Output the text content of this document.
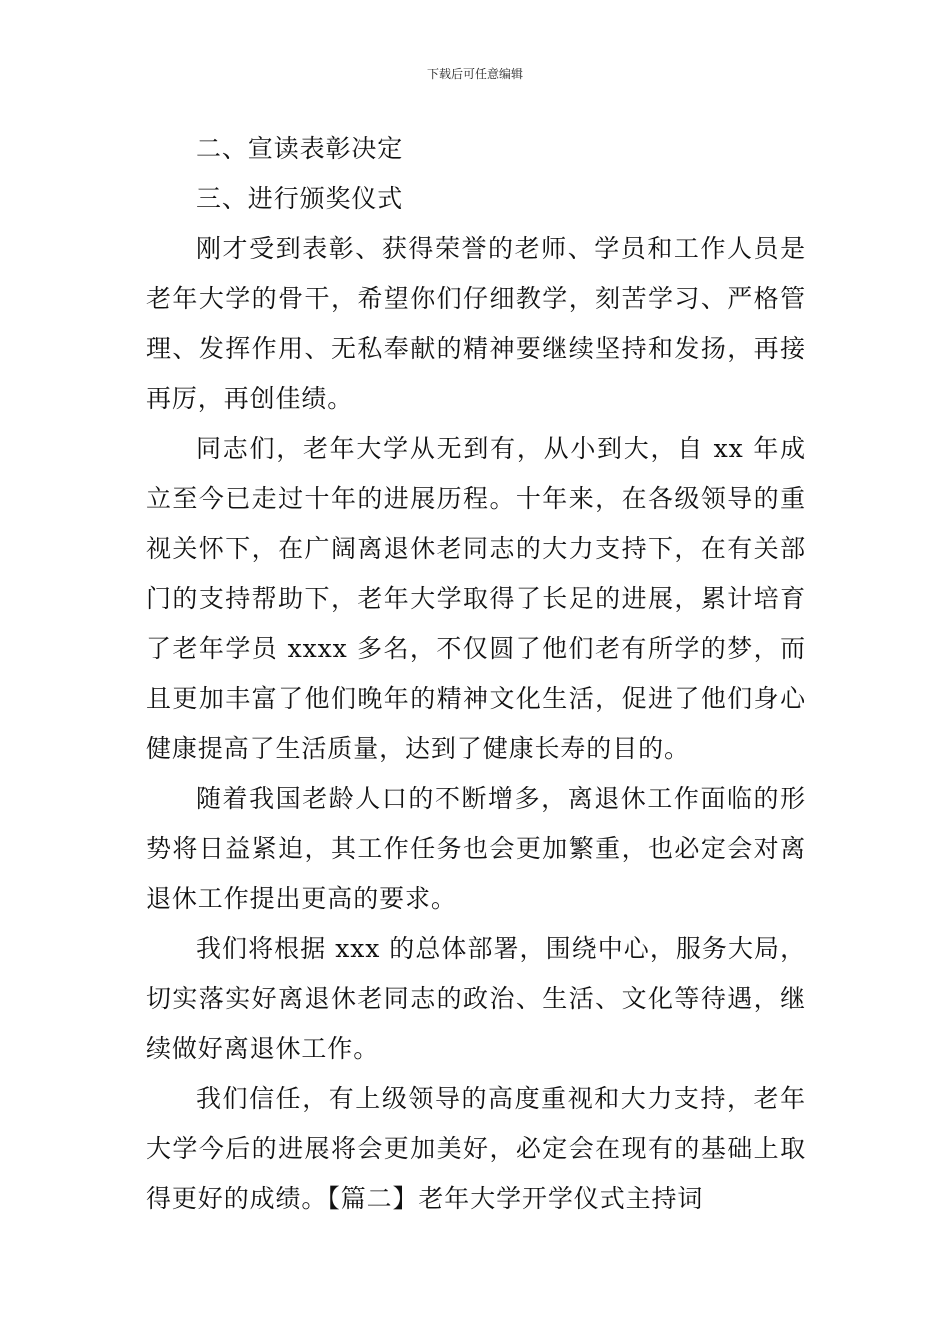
下载后可任意编辑

二、宣读表彰决定

三、进行颁奖仪式

刚才受到表彰、获得荣誉的老师、学员和工作人员是老年大学的骨干，希望你们仔细教学，刻苦学习、严格管理、发挥作用、无私奉献的精神要继续坚持和发扬，再接再厉，再创佳绩。

同志们，老年大学从无到有，从小到大，自 xx 年成立至今已走过十年的进展历程。十年来，在各级领导的重视关怀下，在广阔离退休老同志的大力支持下，在有关部门的支持帮助下，老年大学取得了长足的进展，累计培育了老年学员 xxxx 多名，不仅圆了他们老有所学的梦，而且更加丰富了他们晚年的精神文化生活，促进了他们身心健康提高了生活质量，达到了健康长寿的目的。

随着我国老龄人口的不断增多，离退休工作面临的形势将日益紧迫，其工作任务也会更加繁重，也必定会对离退休工作提出更高的要求。

我们将根据 xxx 的总体部署，围绕中心，服务大局，切实落实好离退休老同志的政治、生活、文化等待遇，继续做好离退休工作。

我们信任，有上级领导的高度重视和大力支持，老年大学今后的进展将会更加美好，必定会在现有的基础上取得更好的成绩。【篇二】老年大学开学仪式主持词
